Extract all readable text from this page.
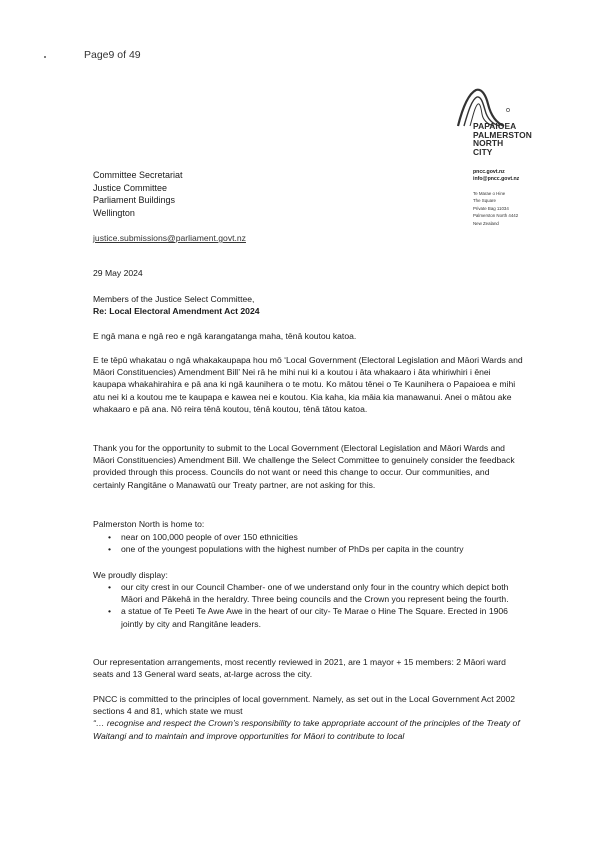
Page9 of 49
PAPAIOEA
PALMERSTON
NORTH
CITY
pncc.govt.nz
info@pncc.govt.nz
Te Marae o Hine
The Square
Private Bag 11034
Palmerston North 4442
New Zealand
Committee Secretariat
Justice Committee
Parliament Buildings
Wellington
justice.submissions@parliament.govt.nz
29 May 2024
Members of the Justice Select Committee,
Re: Local Electoral Amendment Act 2024
E ngā mana e ngā reo e ngā karangatanga maha, tēnā koutou katoa.
E te tēpū whakatau o ngā whakakaupapa hou mō ‘Local Government (Electoral Legislation and Māori Wards and Māori Constituencies) Amendment Bill’ Nei rā he mihi nui ki a koutou i āta whakaaro i āta whiriwhiri i ēnei kaupapa whakahirahira e pā ana ki ngā kaunihera o te motu. Ko mātou tēnei o Te Kaunihera o Papaioea e mihi atu nei ki a koutou me te kaupapa e kawea nei e koutou. Kia kaha, kia māia kia manawanui. Anei o mātou ake whakaaro e pā ana. Nō reira tēnā koutou, tēnā koutou, tēnā tātou katoa.
Thank you for the opportunity to submit to the Local Government (Electoral Legislation and Māori Wards and Māori Constituencies) Amendment Bill. We challenge the Select Committee to genuinely consider the feedback provided through this process. Councils do not want or need this change to occur. Our communities, and certainly Rangitāne o Manawatū our Treaty partner, are not asking for this.
Palmerston North is home to:
• near on 100,000 people of over 150 ethnicities
• one of the youngest populations with the highest number of PhDs per capita in the country
We proudly display:
• our city crest in our Council Chamber- one of we understand only four in the country which depict both Māori and Pākehā in the heraldry. Three being councils and the Crown you represent being the fourth.
• a statue of Te Peeti Te Awe Awe in the heart of our city- Te Marae o Hine The Square. Erected in 1906 jointly by city and Rangitāne leaders.
Our representation arrangements, most recently reviewed in 2021, are 1 mayor + 15 members: 2 Māori ward seats and 13 General ward seats, at-large across the city.
PNCC is committed to the principles of local government. Namely, as set out in the Local Government Act 2002 sections 4 and 81, which state we must
“… recognise and respect the Crown’s responsibility to take appropriate account of the principles of the Treaty of Waitangi and to maintain and improve opportunities for Māori to contribute to local
